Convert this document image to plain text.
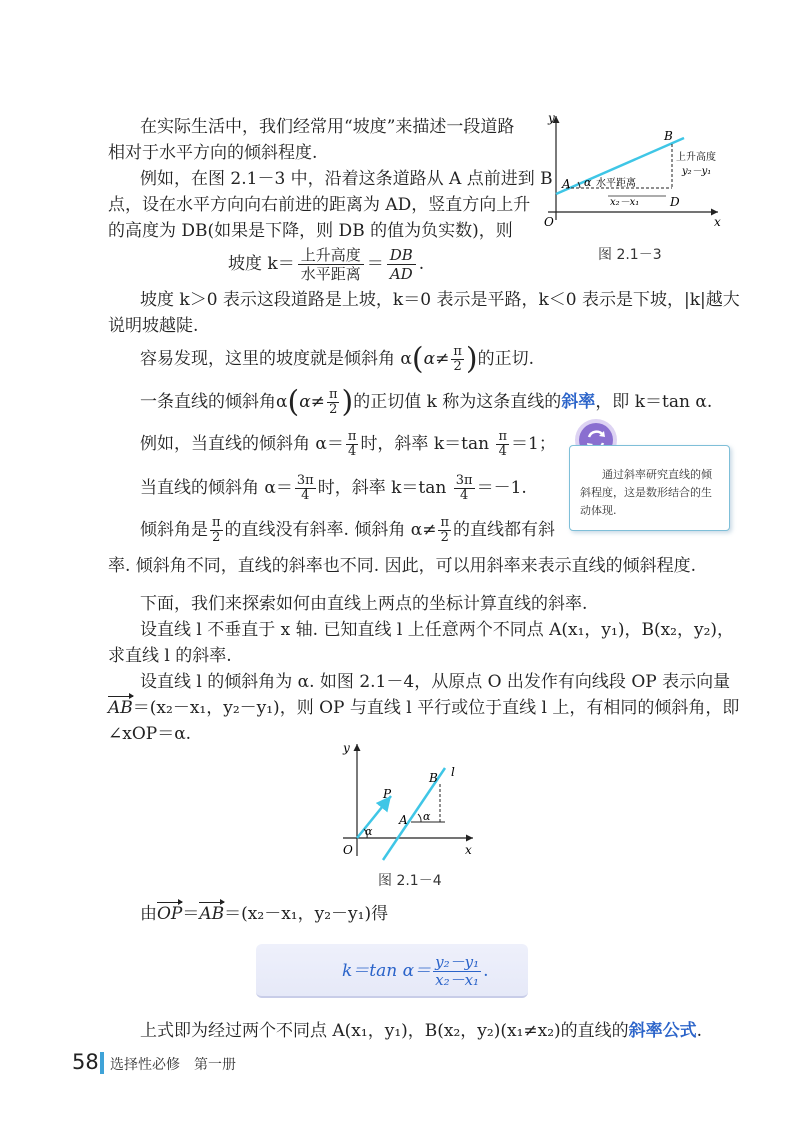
在实际生活中，我们经常用“坡度”来描述一段道路
相对于水平方向的倾斜程度.
例如，在图 2.1－3 中，沿着这条道路从 A 点前进到 B
点，设在水平方向向右前进的距离为 AD，竖直方向上升
的高度为 DB(如果是下降，则 DB 的值为负实数)，则
坡度 $k= \frac{\text{上升高度}}{\text{水平距离}} = \frac{DB}{AD}$ .
坡度 k＞0 表示这段道路是上坡，k＝0 表示是平路，k＜0 表示是下坡，|k|越大
说明坡越陡.
容易发现，这里的坡度就是倾斜角 $\alpha(\alpha\ne \frac{\pi}{2}$ )的正切.
一条直线的倾斜角$\alpha(\alpha\ne \frac{\pi}{2}$ )的正切值 k 称为这条直线的斜率，即 k＝tan α.
例如，当直线的倾斜角 $\alpha= \frac{\pi}{4}$ 时，斜率 $k=\tan \frac{\pi}{4} =1$；
当直线的倾斜角 $\alpha= \frac{3\pi}{4}$ 时，斜率 $k=\tan \frac{3\pi}{4} =-1$.
倾斜角是 $\frac{\pi}{2}$ 的直线没有斜率. 倾斜角 $\alpha\ne \frac{\pi}{2}$ 的直线都有斜
率. 倾斜角不同，直线的斜率也不同. 因此，可以用斜率来表示直线的倾斜程度.
下面，我们来探索如何由直线上两点的坐标计算直线的斜率.
设直线 l 不垂直于 x 轴. 已知直线 l 上任意两个不同点 A(x₁，y₁)，B(x₂，y₂)，
求直线 l 的斜率.
设直线 l 的倾斜角为 α. 如图 2.1－4，从原点 O 出发作有向线段 OP 表示向量
AB＝(x₂－x₁，y₂－y₁)，则 OP 与直线 l 平行或位于直线 l 上，有相同的倾斜角，即
∠xOP＝α.
由OP＝AB＝(x₂－x₁，y₂－y₁)得
k＝tan $\alpha= \frac{\text{y₂－y₁}}{\text{x₂－x₁}}$ .
上式即为经过两个不同点 A(x₁，y₁)，B(x₂，y₂)(x₁≠x₂)的直线的斜率公式.
通过斜率研究直线的倾斜程度，这是数形结合的生动体现.
y
x
O
A
B
D
α 水平距离
x₂－x₁
上升高度
y₂－y₁
图 2.1－3
y
x
O
P
A
B l
α
α
图 2.1－4
58 选择性必修　第一册
